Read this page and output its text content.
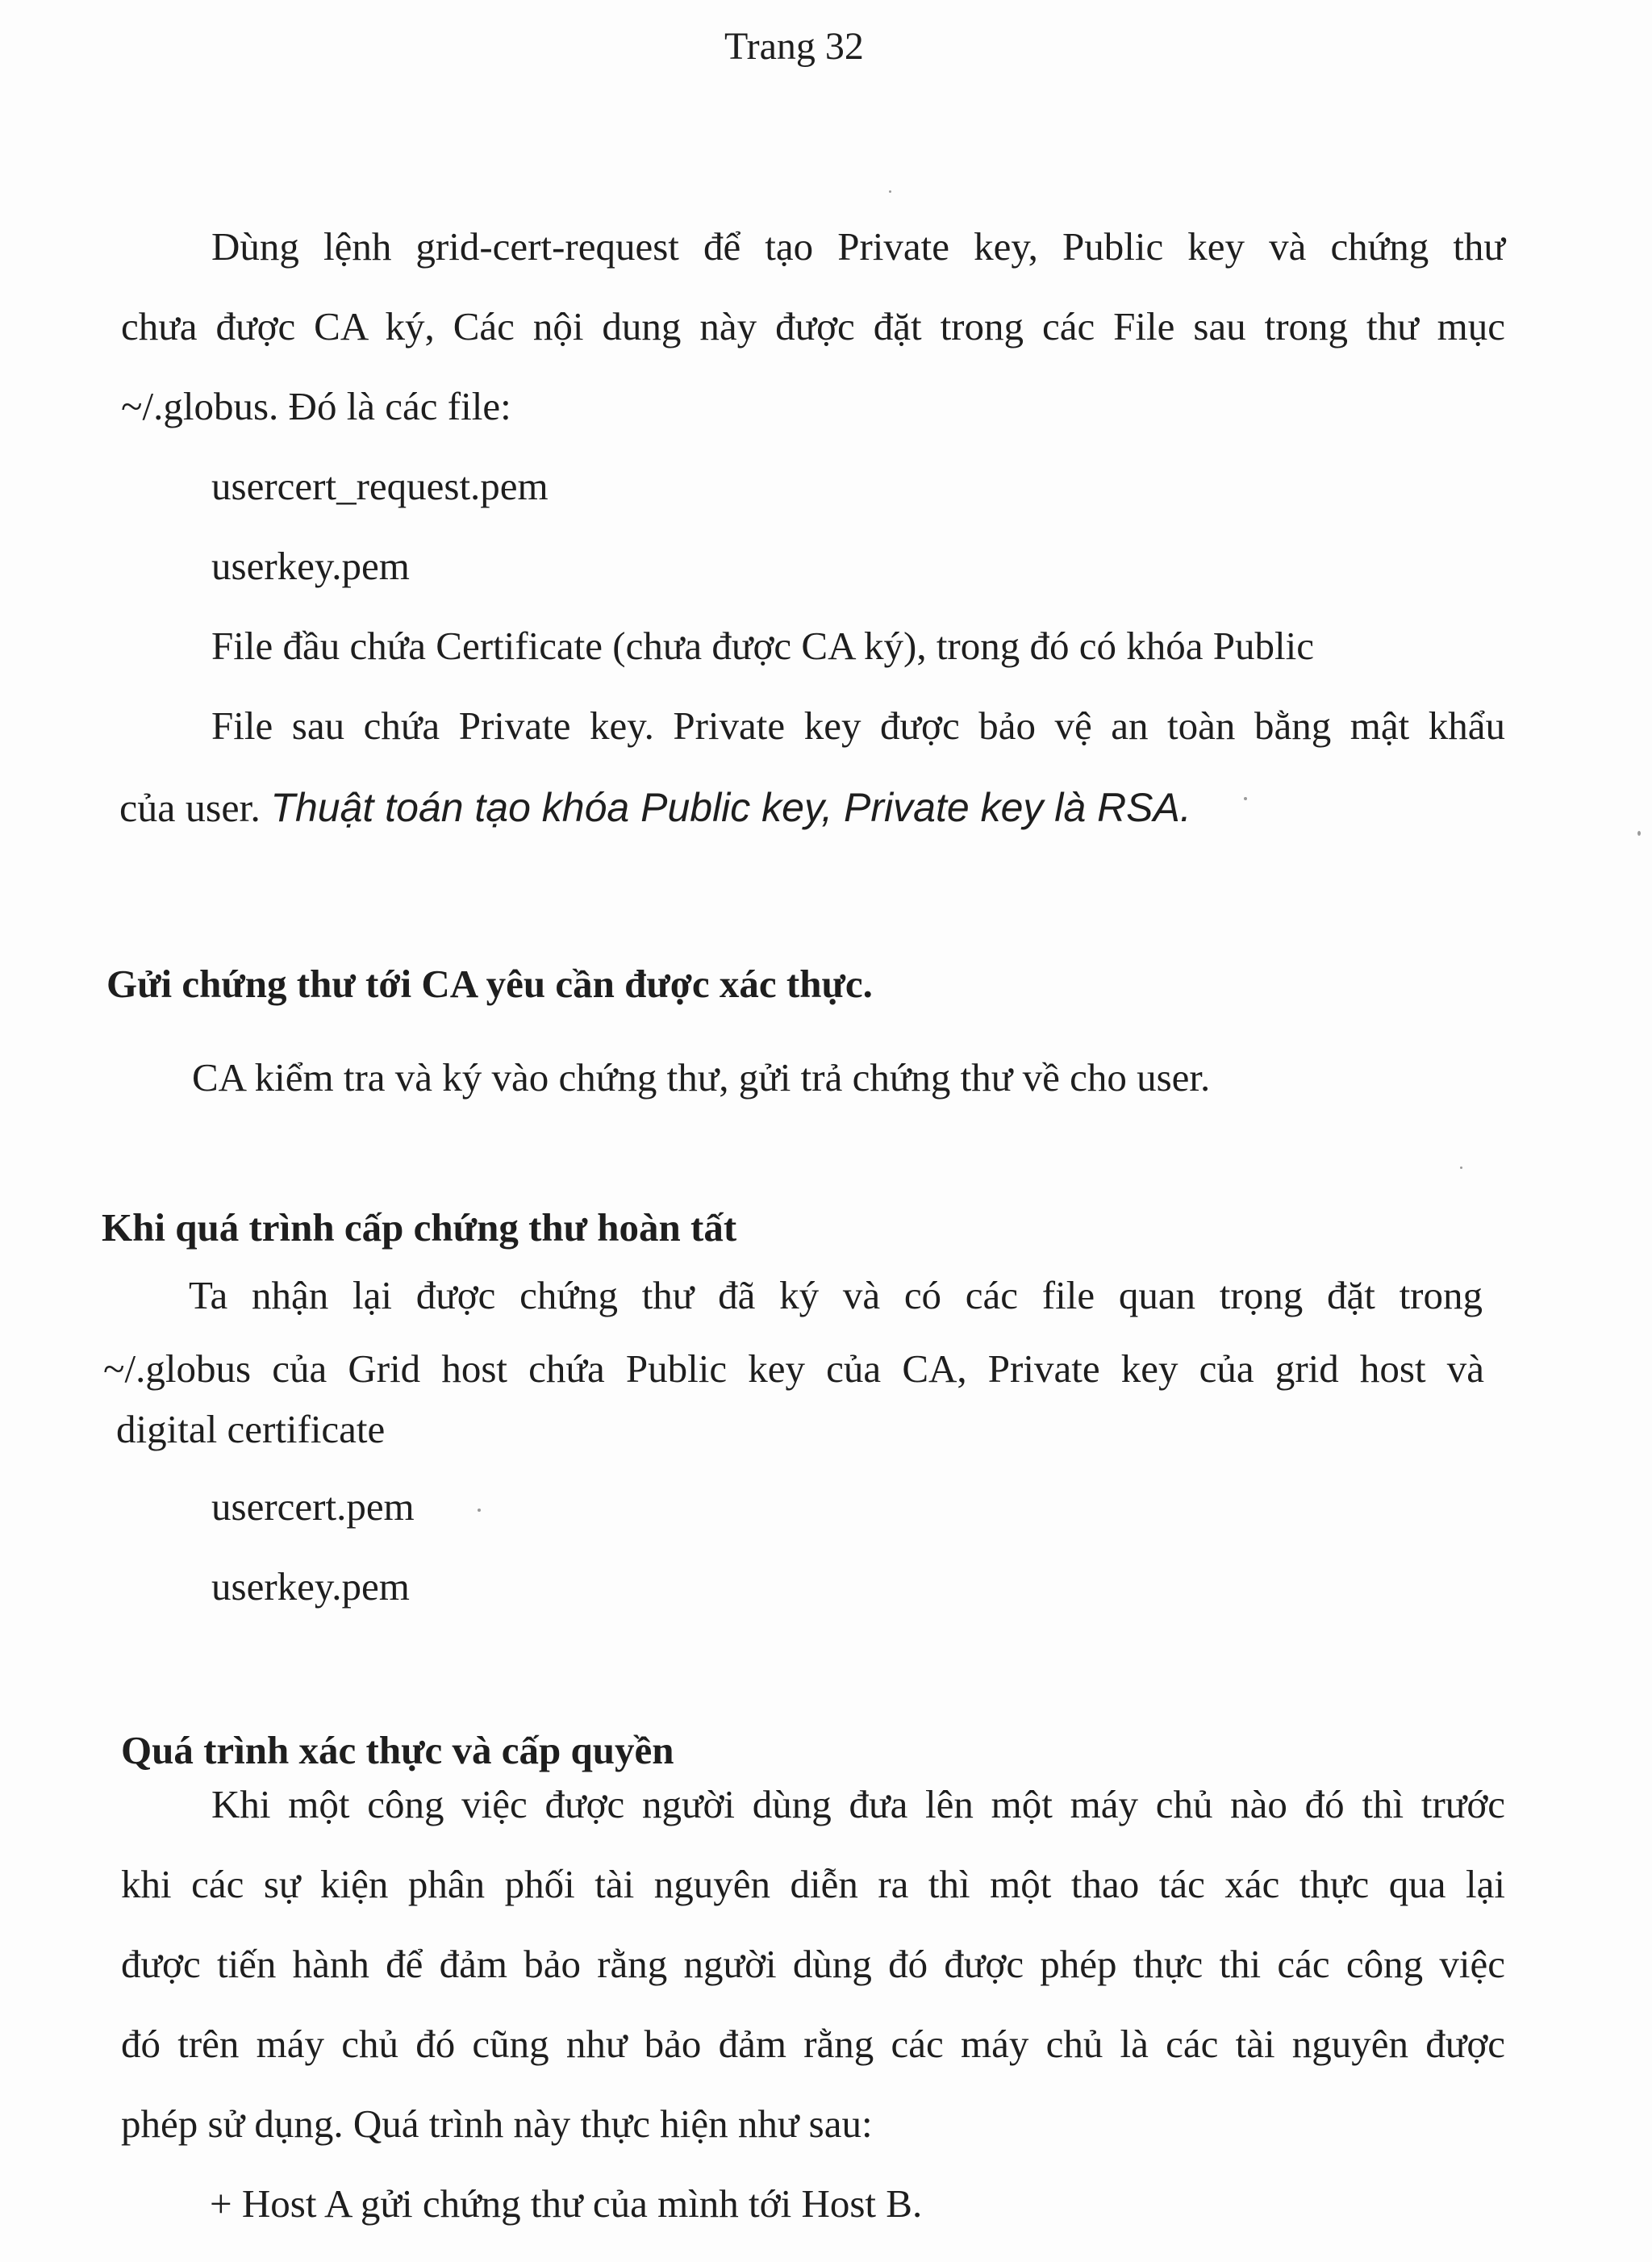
Trang 32
Dùng lệnh grid-cert-request để tạo Private key, Public key và chứng thư
chưa được CA ký, Các nội dung này được đặt trong các File sau trong thư mục
~/.globus. Đó là các file:
usercert_request.pem
userkey.pem
File đầu chứa Certificate (chưa được CA ký), trong đó có khóa Public
File sau chứa Private key. Private key được bảo vệ an toàn bằng mật khẩu
của user. Thuật toán tạo khóa Public key, Private key là RSA.
Gửi chứng thư tới CA yêu cần được xác thực.
CA kiểm tra và ký vào chứng thư, gửi trả chứng thư về cho user.
Khi quá trình cấp chứng thư hoàn tất
Ta nhận lại được chứng thư đã ký và có các file quan trọng đặt trong
~/.globus của Grid host chứa Public key của CA, Private key của grid host và
digital certificate
usercert.pem
userkey.pem
Quá trình xác thực và cấp quyền
Khi một công việc được người dùng đưa lên một máy chủ nào đó thì trước
khi các sự kiện phân phối tài nguyên diễn ra thì một thao tác xác thực qua lại
được tiến hành để đảm bảo rằng người dùng đó được phép thực thi các công việc
đó trên máy chủ đó cũng như bảo đảm rằng các máy chủ là các tài nguyên được
phép sử dụng. Quá trình này thực hiện như sau:
+ Host A gửi chứng thư của mình tới Host B.
